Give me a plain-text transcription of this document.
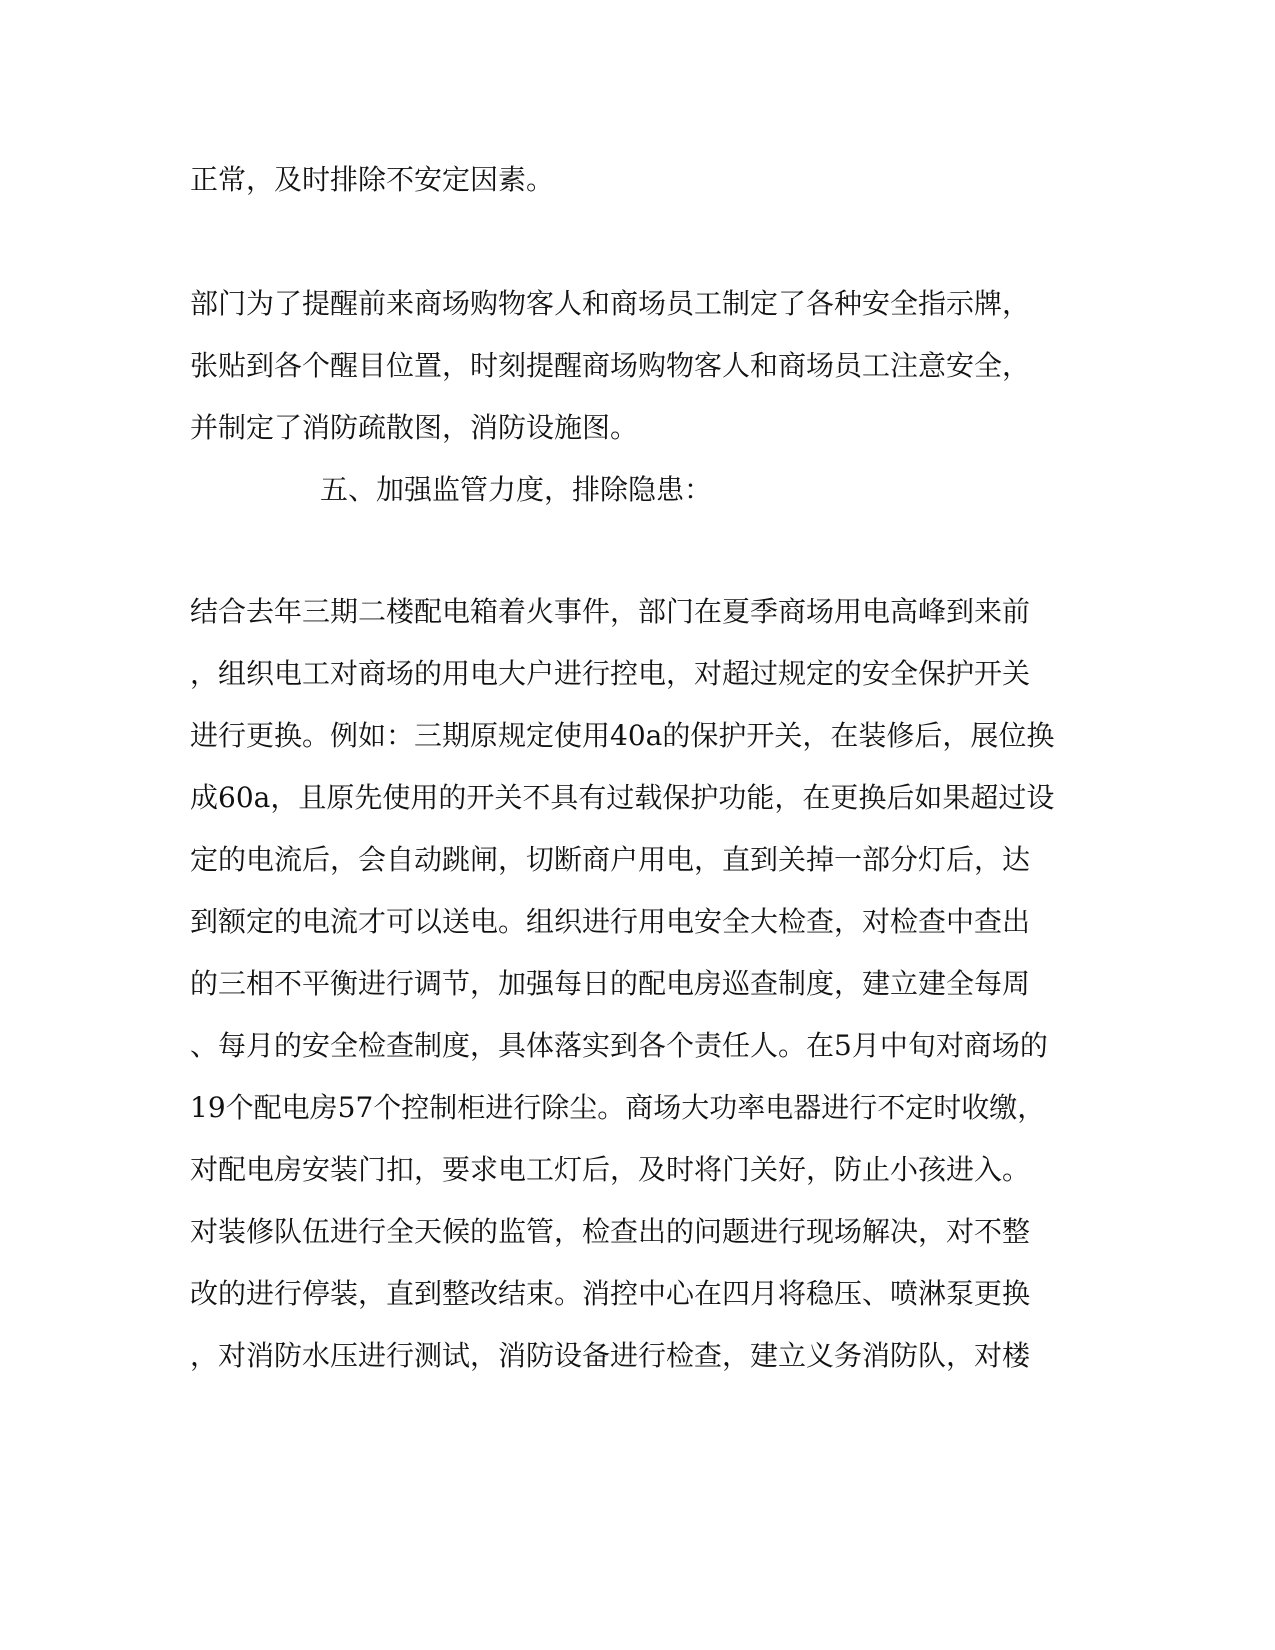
正常，及时排除不安定因素。
部门为了提醒前来商场购物客人和商场员工制定了各种安全指示牌，
张贴到各个醒目位置，时刻提醒商场购物客人和商场员工注意安全，
并制定了消防疏散图，消防设施图。
五、加强监管力度，排除隐患：
结合去年三期二楼配电箱着火事件，部门在夏季商场用电高峰到来前
，组织电工对商场的用电大户进行控电，对超过规定的安全保护开关
进行更换。例如：三期原规定使用40a的保护开关，在装修后，展位换
成60a，且原先使用的开关不具有过载保护功能，在更换后如果超过设
定的电流后，会自动跳闸，切断商户用电，直到关掉一部分灯后，达
到额定的电流才可以送电。组织进行用电安全大检查，对检查中查出
的三相不平衡进行调节，加强每日的配电房巡查制度，建立建全每周
、每月的安全检查制度，具体落实到各个责任人。在5月中旬对商场的
19个配电房57个控制柜进行除尘。商场大功率电器进行不定时收缴，
对配电房安装门扣，要求电工灯后，及时将门关好，防止小孩进入。
对装修队伍进行全天候的监管，检查出的问题进行现场解决，对不整
改的进行停装，直到整改结束。消控中心在四月将稳压、喷淋泵更换
，对消防水压进行测试，消防设备进行检查，建立义务消防队，对楼
